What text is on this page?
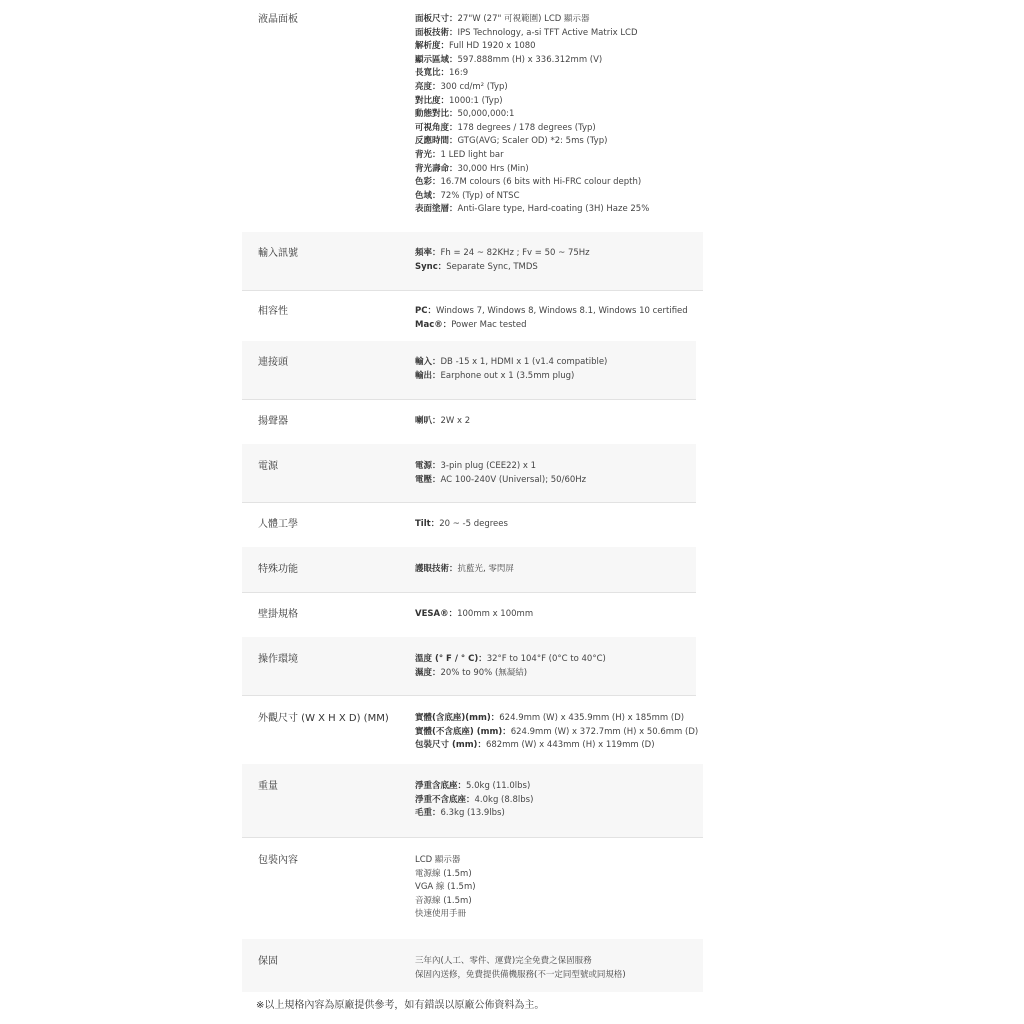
液晶面板	面板尺寸：27"W (27" 可視範圍) LCD 顯示器
面板技術：IPS Technology, a-si TFT Active Matrix LCD
解析度：Full HD 1920 x 1080
顯示區域：597.888mm (H) x 336.312mm (V)
長寬比：16:9
亮度：300 cd/m² (Typ)
對比度：1000:1 (Typ)
動態對比：50,000,000:1
可視角度：178 degrees / 178 degrees (Typ)
反應時間：GTG(AVG; Scaler OD) *2: 5ms (Typ)
背光：1 LED light bar
背光壽命：30,000 Hrs (Min)
色彩：16.7M colours (6 bits with Hi-FRC colour depth)
色域：72% (Typ) of NTSC
表面塗層：Anti-Glare type, Hard-coating (3H) Haze 25%
輸入訊號	頻率：Fh = 24 ~ 82KHz ; Fv = 50 ~ 75Hz
Sync：Separate Sync, TMDS
相容性	PC：Windows 7, Windows 8, Windows 8.1, Windows 10 certified
Mac®：Power Mac tested
連接頭	輸入：DB -15 x 1, HDMI x 1 (v1.4 compatible)
輸出：Earphone out x 1 (3.5mm plug)
揚聲器	喇叭：2W x 2
電源	電源：3-pin plug (CEE22) x 1
電壓：AC 100-240V (Universal); 50/60Hz
人體工學	Tilt：20 ~ -5 degrees
特殊功能	護眼技術：抗藍光, 零閃屏
壁掛規格	VESA®：100mm x 100mm
操作環境	溫度 (° F / ° C)：32°F to 104°F (0°C to 40°C)
濕度：20% to 90% (無凝結)
外觀尺寸 (W X H X D) (MM)	實體(含底座)(mm)：624.9mm (W) x 435.9mm (H) x 185mm (D)
實體(不含底座) (mm)：624.9mm (W) x 372.7mm (H) x 50.6mm (D)
包裝尺寸 (mm)：682mm (W) x 443mm (H) x 119mm (D)
重量	淨重含底座：5.0kg (11.0lbs)
淨重不含底座：4.0kg (8.8lbs)
毛重：6.3kg (13.9lbs)
包裝內容	LCD 顯示器
電源線 (1.5m)
VGA 線 (1.5m)
音源線 (1.5m)
快速使用手冊
保固	三年內(人工、零件、運費)完全免費之保固服務
保固內送修，免費提供備機服務(不一定同型號或同規格)
※以上規格內容為原廠提供參考，如有錯誤以原廠公佈資料為主。
